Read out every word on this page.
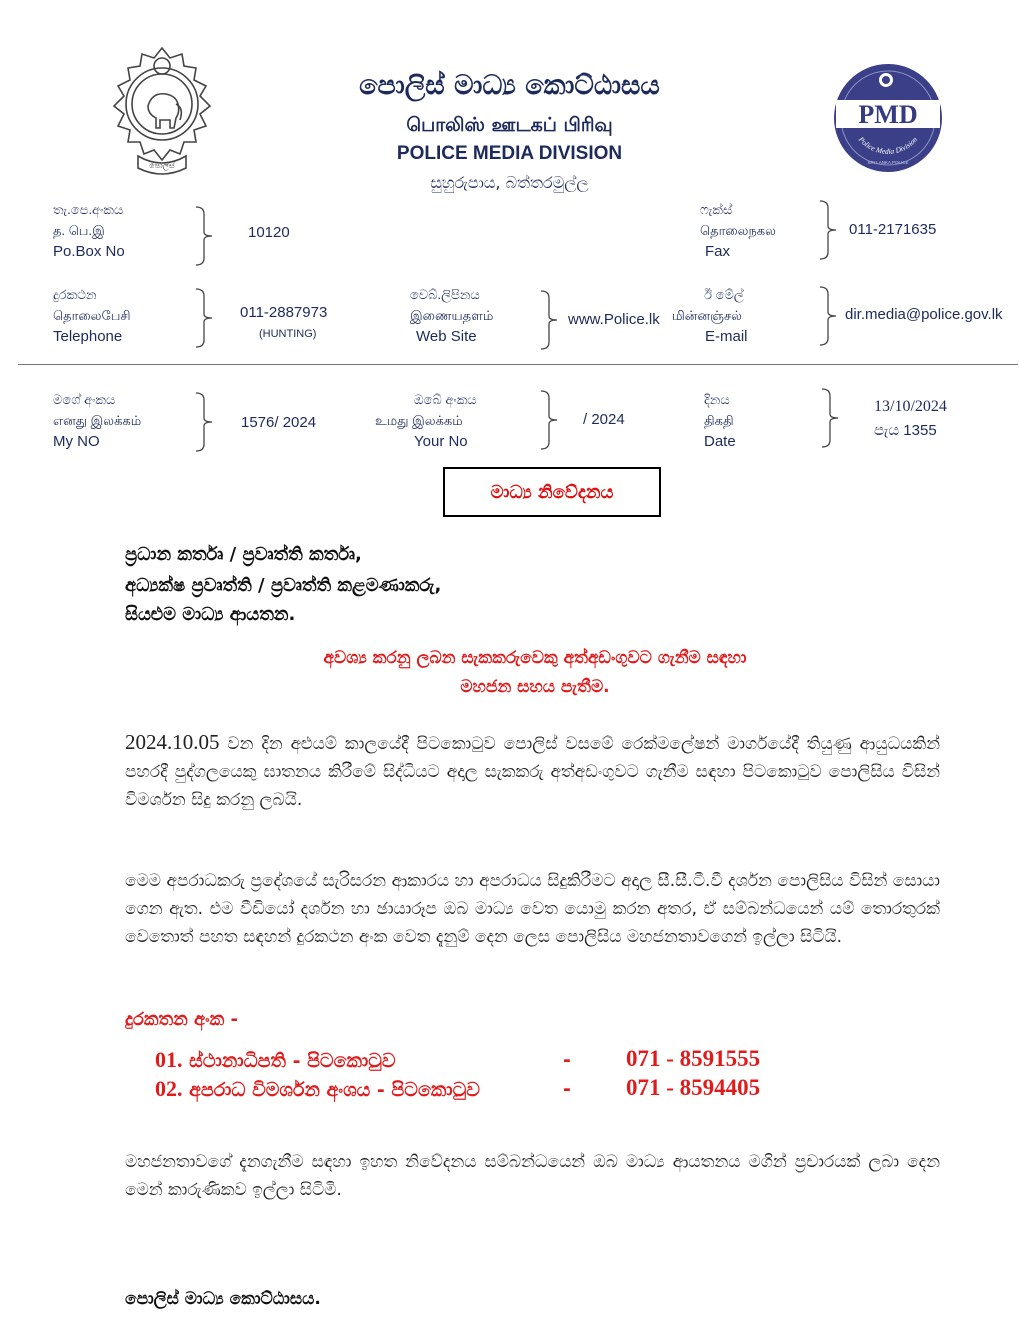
පොලිස්
PMD
Police Media Division
SRI LANKA POLICE
පොලිස් මාධ්‍ය කොට්ඨාසය
பொலிஸ் ஊடகப் பிரிவு
POLICE MEDIA DIVISION
සුහුරුපාය, බත්තරමුල්ල
තැ.පෙ.අංකය
த. பெ.இ
Po.Box No
10120
ෆැක්ස්
தொலைநகல
Fax
011-2171635
දුරකථන
தொலைபேசி
Telephone
011-2887973
(HUNTING)
වෙබ්.ලිපිනය
இணையதளம்
Web Site
www.Police.lk
ඊ මේල්
மின்னஞ்சல்
E-mail
dir.media@police.gov.lk
මගේ අංකය
எனது இலக்கம்
My NO
1576/ 2024
ඔබේ අංකය
உமது இலக்கம்
Your No
/ 2024
දිනය
திகதி
Date
13/10/2024
පැය 1355
මාධ්‍ය නිවේදනය
ප්‍රධාන කර්තෘ / ප්‍රවෘත්ති කර්තෘ,
අධ්‍යක්ෂ ප්‍රවෘත්ති / ප්‍රවෘත්ති කළමණාකරු,
සියළුම මාධ්‍ය ආයතන.
අවශ්‍ය කරනු ලබන සැකකරුවෙකු අත්අඩංගුවට ගැනීම සඳහා
මහජන සහය පැතීම.
2024.10.05 වන දින අළුයම් කාලයේදී පිටකොටුව පොලිස් වසමේ රෙක්මලේෂන් මාර්ගයේදී තියුණු ආයුධයකින් පහරදී පුද්ගලයෙකු ඝාතනය කිරීමේ සිද්ධියට අදාල සැකකරු අත්අඩංගුවට ගැනීම සඳහා පිටකොටුව පොලිසිය විසින් විමර්ශන සිදු කරනු ලබයි.
මෙම අපරාධකරු ප්‍රදේශයේ සැරිසරන ආකාරය හා අපරාධය සිදුකිරීමට අදාල සී.සී.ටී.වී දර්ශන පොලිසිය විසින් සොයා ගෙන ඇත. එම වීඩියෝ දර්ශන හා ඡායාරූප ඔබ මාධ්‍ය වෙත යොමු කරන අතර, ඒ සම්බන්ධයෙන් යම් තොරතුරක් වෙතොත් පහත සඳහන් දුරකථන අංක වෙත දැනුම් දෙන ලෙස පොලිසිය මහජනතාවගෙන් ඉල්ලා සිටියි.
දුරකතන අංක -
01. ස්ථානාධිපති - පිටකොටුව	- 071 - 8591555
02. අපරාධ විමර්ශන අංශය - පිටකොටුව	- 071 - 8594405
මහජනතාවගේ දැනගැනීම සඳහා ඉහත නිවේදනය සම්බන්ධයෙන් ඔබ මාධ්‍ය ආයතනය මගින් ප්‍රචාරයක් ලබා දෙන මෙන් කාරුණිකව ඉල්ලා සිටිමි.
පොලිස් මාධ්‍ය කොට්ඨාසය.
